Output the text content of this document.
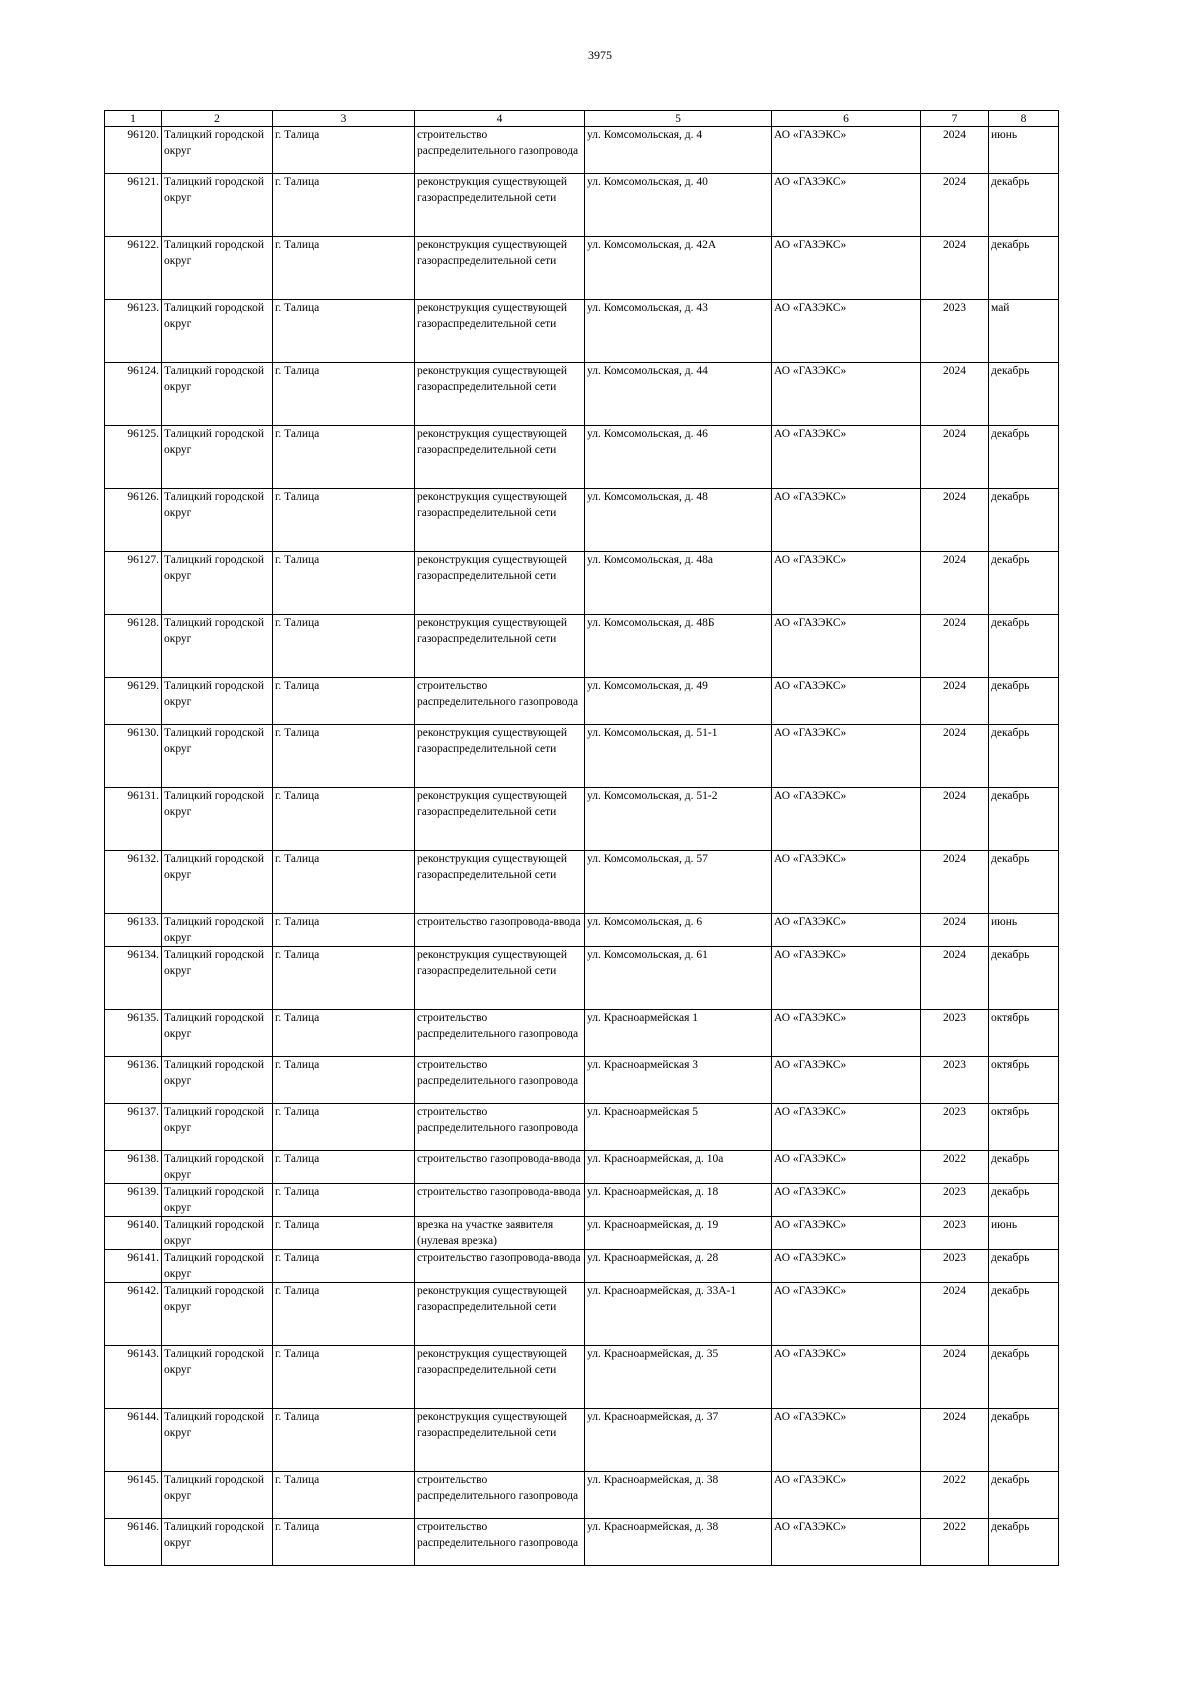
3975
1	2	3	4	5	6	7	8
96120.	Талицкий городской округ	г. Талица	строительство распределительного газопровода	ул. Комсомольская, д. 4	АО «ГАЗЭКС»	2024	июнь
96121.	Талицкий городской округ	г. Талица	реконструкция существующей газораспределительной сети	ул. Комсомольская, д. 40	АО «ГАЗЭКС»	2024	декабрь
96122.	Талицкий городской округ	г. Талица	реконструкция существующей газораспределительной сети	ул. Комсомольская, д. 42А	АО «ГАЗЭКС»	2024	декабрь
96123.	Талицкий городской округ	г. Талица	реконструкция существующей газораспределительной сети	ул. Комсомольская, д. 43	АО «ГАЗЭКС»	2023	май
96124.	Талицкий городской округ	г. Талица	реконструкция существующей газораспределительной сети	ул. Комсомольская, д. 44	АО «ГАЗЭКС»	2024	декабрь
96125.	Талицкий городской округ	г. Талица	реконструкция существующей газораспределительной сети	ул. Комсомольская, д. 46	АО «ГАЗЭКС»	2024	декабрь
96126.	Талицкий городской округ	г. Талица	реконструкция существующей газораспределительной сети	ул. Комсомольская, д. 48	АО «ГАЗЭКС»	2024	декабрь
96127.	Талицкий городской округ	г. Талица	реконструкция существующей газораспределительной сети	ул. Комсомольская, д. 48а	АО «ГАЗЭКС»	2024	декабрь
96128.	Талицкий городской округ	г. Талица	реконструкция существующей газораспределительной сети	ул. Комсомольская, д. 48Б	АО «ГАЗЭКС»	2024	декабрь
96129.	Талицкий городской округ	г. Талица	строительство распределительного газопровода	ул. Комсомольская, д. 49	АО «ГАЗЭКС»	2024	декабрь
96130.	Талицкий городской округ	г. Талица	реконструкция существующей газораспределительной сети	ул. Комсомольская, д. 51-1	АО «ГАЗЭКС»	2024	декабрь
96131.	Талицкий городской округ	г. Талица	реконструкция существующей газораспределительной сети	ул. Комсомольская, д. 51-2	АО «ГАЗЭКС»	2024	декабрь
96132.	Талицкий городской округ	г. Талица	реконструкция существующей газораспределительной сети	ул. Комсомольская, д. 57	АО «ГАЗЭКС»	2024	декабрь
96133.	Талицкий городской округ	г. Талица	строительство газопровода-ввода	ул. Комсомольская, д. 6	АО «ГАЗЭКС»	2024	июнь
96134.	Талицкий городской округ	г. Талица	реконструкция существующей газораспределительной сети	ул. Комсомольская, д. 61	АО «ГАЗЭКС»	2024	декабрь
96135.	Талицкий городской округ	г. Талица	строительство распределительного газопровода	ул. Красноармейская 1	АО «ГАЗЭКС»	2023	октябрь
96136.	Талицкий городской округ	г. Талица	строительство распределительного газопровода	ул. Красноармейская 3	АО «ГАЗЭКС»	2023	октябрь
96137.	Талицкий городской округ	г. Талица	строительство распределительного газопровода	ул. Красноармейская 5	АО «ГАЗЭКС»	2023	октябрь
96138.	Талицкий городской округ	г. Талица	строительство газопровода-ввода	ул. Красноармейская, д. 10а	АО «ГАЗЭКС»	2022	декабрь
96139.	Талицкий городской округ	г. Талица	строительство газопровода-ввода	ул. Красноармейская, д. 18	АО «ГАЗЭКС»	2023	декабрь
96140.	Талицкий городской округ	г. Талица	врезка на участке заявителя (нулевая врезка)	ул. Красноармейская, д. 19	АО «ГАЗЭКС»	2023	июнь
96141.	Талицкий городской округ	г. Талица	строительство газопровода-ввода	ул. Красноармейская, д. 28	АО «ГАЗЭКС»	2023	декабрь
96142.	Талицкий городской округ	г. Талица	реконструкция существующей газораспределительной сети	ул. Красноармейская, д. 33А-1	АО «ГАЗЭКС»	2024	декабрь
96143.	Талицкий городской округ	г. Талица	реконструкция существующей газораспределительной сети	ул. Красноармейская, д. 35	АО «ГАЗЭКС»	2024	декабрь
96144.	Талицкий городской округ	г. Талица	реконструкция существующей газораспределительной сети	ул. Красноармейская, д. 37	АО «ГАЗЭКС»	2024	декабрь
96145.	Талицкий городской округ	г. Талица	строительство распределительного газопровода	ул. Красноармейская, д. 38	АО «ГАЗЭКС»	2022	декабрь
96146.	Талицкий городской округ	г. Талица	строительство распределительного газопровода	ул. Красноармейская, д. 38	АО «ГАЗЭКС»	2022	декабрь
